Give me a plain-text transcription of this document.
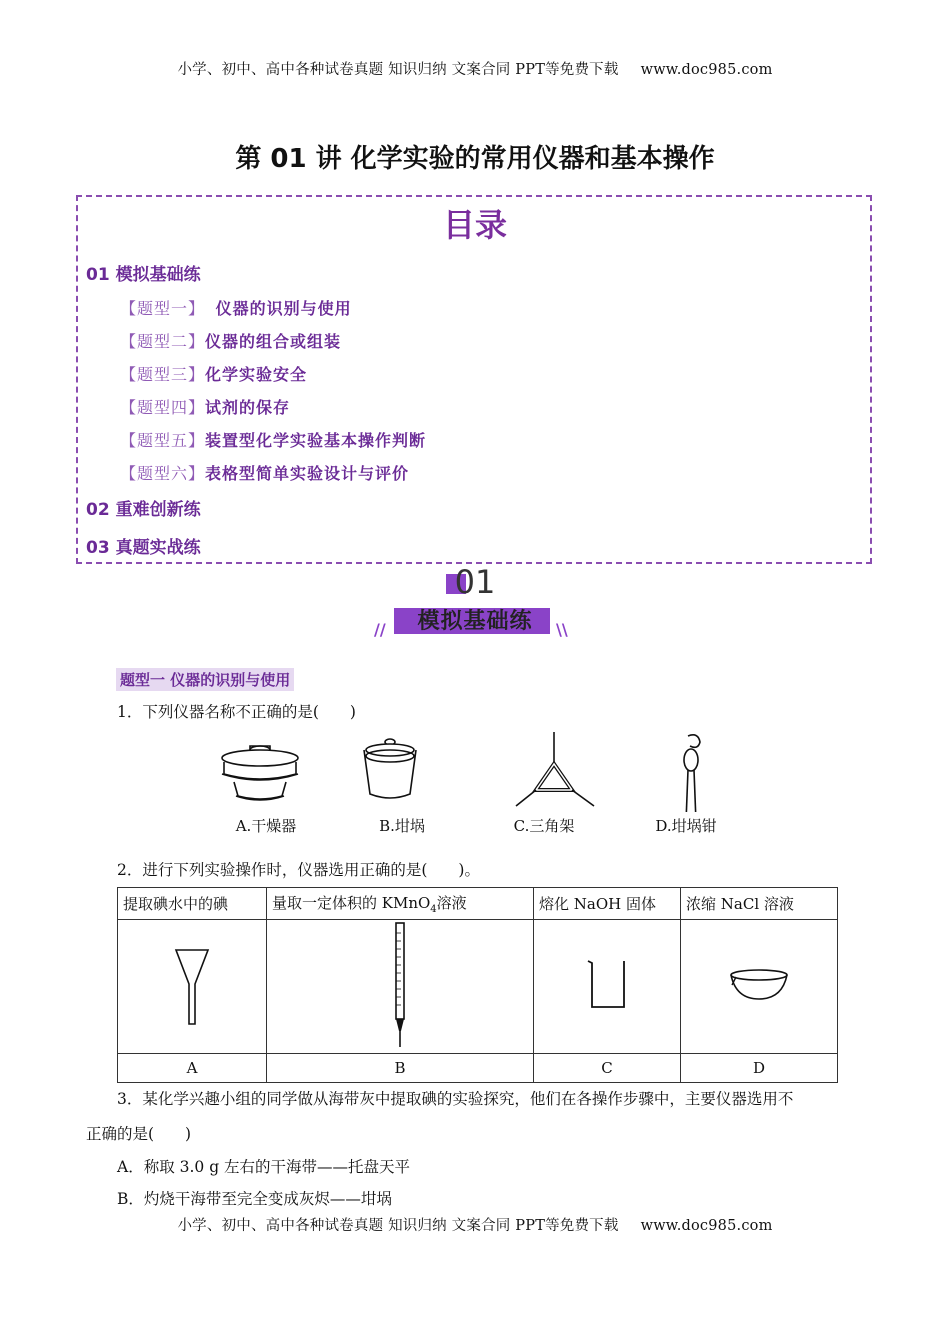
小学、初中、高中各种试卷真题 知识归纳 文案合同 PPT等免费下载 www.doc985.com
第 01 讲 化学实验的常用仪器和基本操作
目录
01 模拟基础练
【题型一】 仪器的识别与使用
【题型二】仪器的组合或组装
【题型三】化学实验安全
【题型四】试剂的保存
【题型五】装置型化学实验基本操作判断
【题型六】表格型简单实验设计与评价
02 重难创新练
03 真题实战练
01
//	\\
模拟基础练
题型一 仪器的识别与使用
1．下列仪器名称不正确的是(　　)
A.干燥器	B.坩埚	C.三角架	D.坩埚钳
2．进行下列实验操作时，仪器选用正确的是(　　)。
提取碘水中的碘	量取一定体积的 KMnO$_4$溶液	熔化 NaOH 固体	浓缩 NaCl 溶液

A	B	C	D
3．某化学兴趣小组的同学做从海带灰中提取碘的实验探究，他们在各操作步骤中，主要仪器选用不
正确的是(　　)
A．称取 3.0 g 左右的干海带——托盘天平
B．灼烧干海带至完全变成灰烬——坩埚
小学、初中、高中各种试卷真题 知识归纳 文案合同 PPT等免费下载 www.doc985.com
